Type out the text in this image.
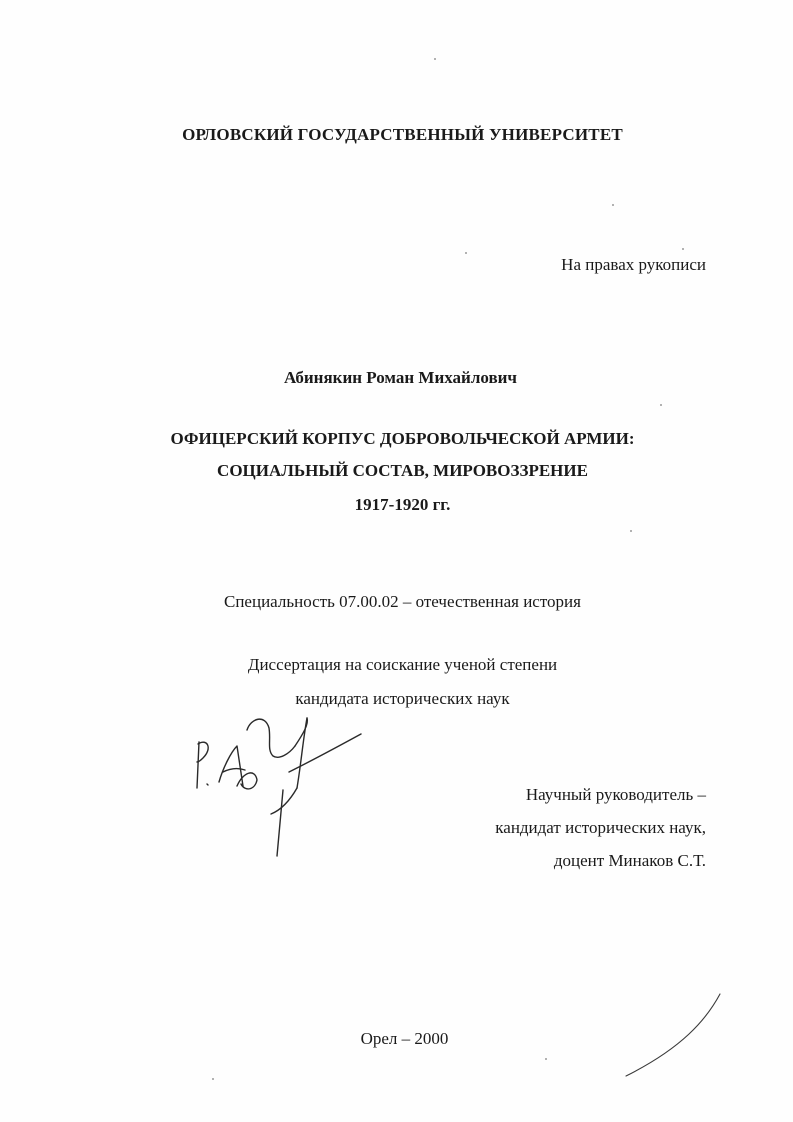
ОРЛОВСКИЙ ГОСУДАРСТВЕННЫЙ УНИВЕРСИТЕТ
На правах рукописи
Абинякин Роман Михайлович
ОФИЦЕРСКИЙ КОРПУС ДОБРОВОЛЬЧЕСКОЙ АРМИИ:
СОЦИАЛЬНЫЙ СОСТАВ, МИРОВОЗЗРЕНИЕ
1917-1920 гг.
Специальность 07.00.02 – отечественная история
Диссертация на соискание ученой степени
кандидата исторических наук
Научный руководитель –
кандидат исторических наук,
доцент Минаков С.Т.
Орел – 2000
